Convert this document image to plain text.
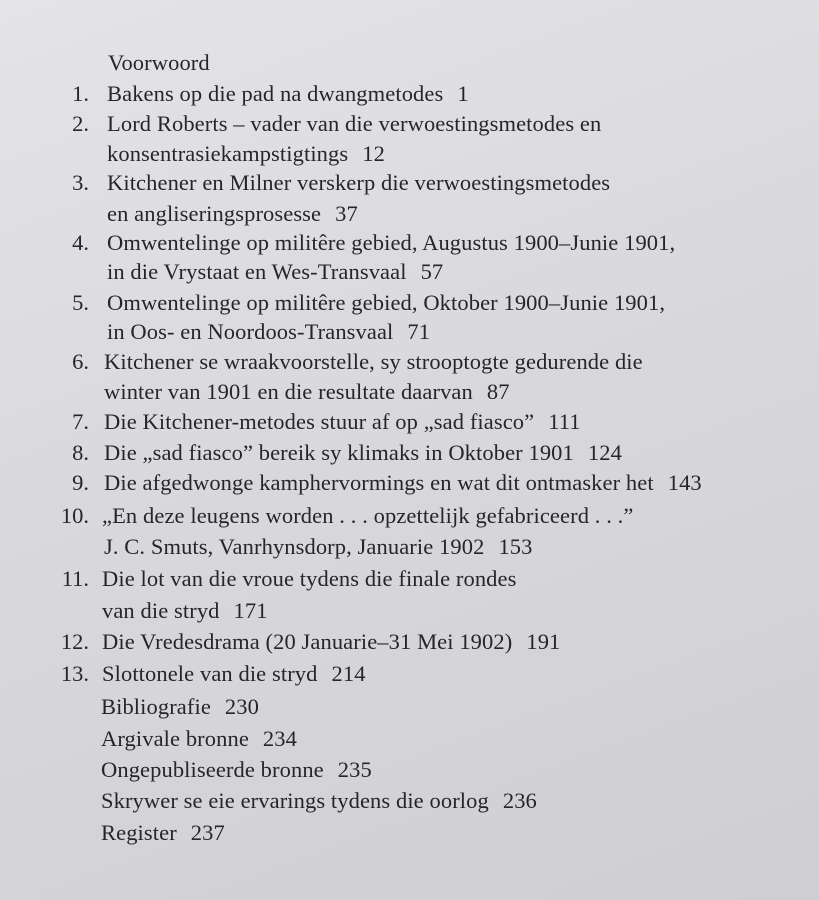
Voorwoord
1. Bakens op die pad na dwangmetodes 1
2. Lord Roberts – vader van die verwoestingsmetodes en
konsentrasiekampstigtings 12
3. Kitchener en Milner verskerp die verwoestingsmetodes
en angliseringsprosesse 37
4. Omwentelinge op militêre gebied, Augustus 1900–Junie 1901,
in die Vrystaat en Wes-Transvaal 57
5. Omwentelinge op militêre gebied, Oktober 1900–Junie 1901,
in Oos- en Noordoos-Transvaal 71
6. Kitchener se wraakvoorstelle, sy strooptogte gedurende die
winter van 1901 en die resultate daarvan 87
7. Die Kitchener-metodes stuur af op „sad fiasco” 111
8. Die „sad fiasco” bereik sy klimaks in Oktober 1901 124
9. Die afgedwonge kamphervormings en wat dit ontmasker het 143
10. „En deze leugens worden . . . opzettelijk gefabriceerd . . .”
J. C. Smuts, Vanrhynsdorp, Januarie 1902 153
11. Die lot van die vroue tydens die finale rondes
van die stryd 171
12. Die Vredesdrama (20 Januarie–31 Mei 1902) 191
13. Slottonele van die stryd 214
Bibliografie 230
Argivale bronne 234
Ongepubliseerde bronne 235
Skrywer se eie ervarings tydens die oorlog 236
Register 237
